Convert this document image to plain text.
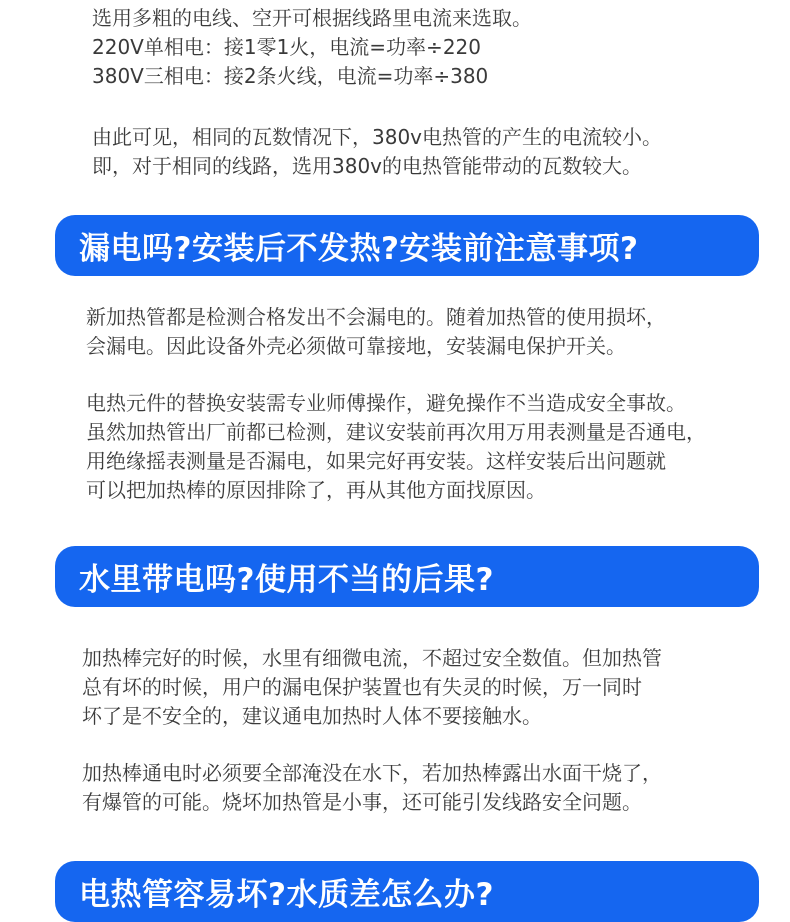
选用多粗的电线、空开可根据线路里电流来选取。
220V单相电：接1零1火，电流=功率÷220
380V三相电：接2条火线，电流=功率÷380
由此可见，相同的瓦数情况下，380v电热管的产生的电流较小。
即，对于相同的线路，选用380v的电热管能带动的瓦数较大。
漏电吗?安装后不发热?安装前注意事项?
新加热管都是检测合格发出不会漏电的。随着加热管的使用损坏，
会漏电。因此设备外壳必须做可靠接地，安装漏电保护开关。
电热元件的替换安装需专业师傅操作，避免操作不当造成安全事故。
虽然加热管出厂前都已检测，建议安装前再次用万用表测量是否通电，
用绝缘摇表测量是否漏电，如果完好再安装。这样安装后出问题就
可以把加热棒的原因排除了，再从其他方面找原因。
水里带电吗?使用不当的后果?
加热棒完好的时候，水里有细微电流，不超过安全数值。但加热管
总有坏的时候，用户的漏电保护装置也有失灵的时候，万一同时
坏了是不安全的，建议通电加热时人体不要接触水。
加热棒通电时必须要全部淹没在水下，若加热棒露出水面干烧了，
有爆管的可能。烧坏加热管是小事，还可能引发线路安全问题。
电热管容易坏?水质差怎么办?
